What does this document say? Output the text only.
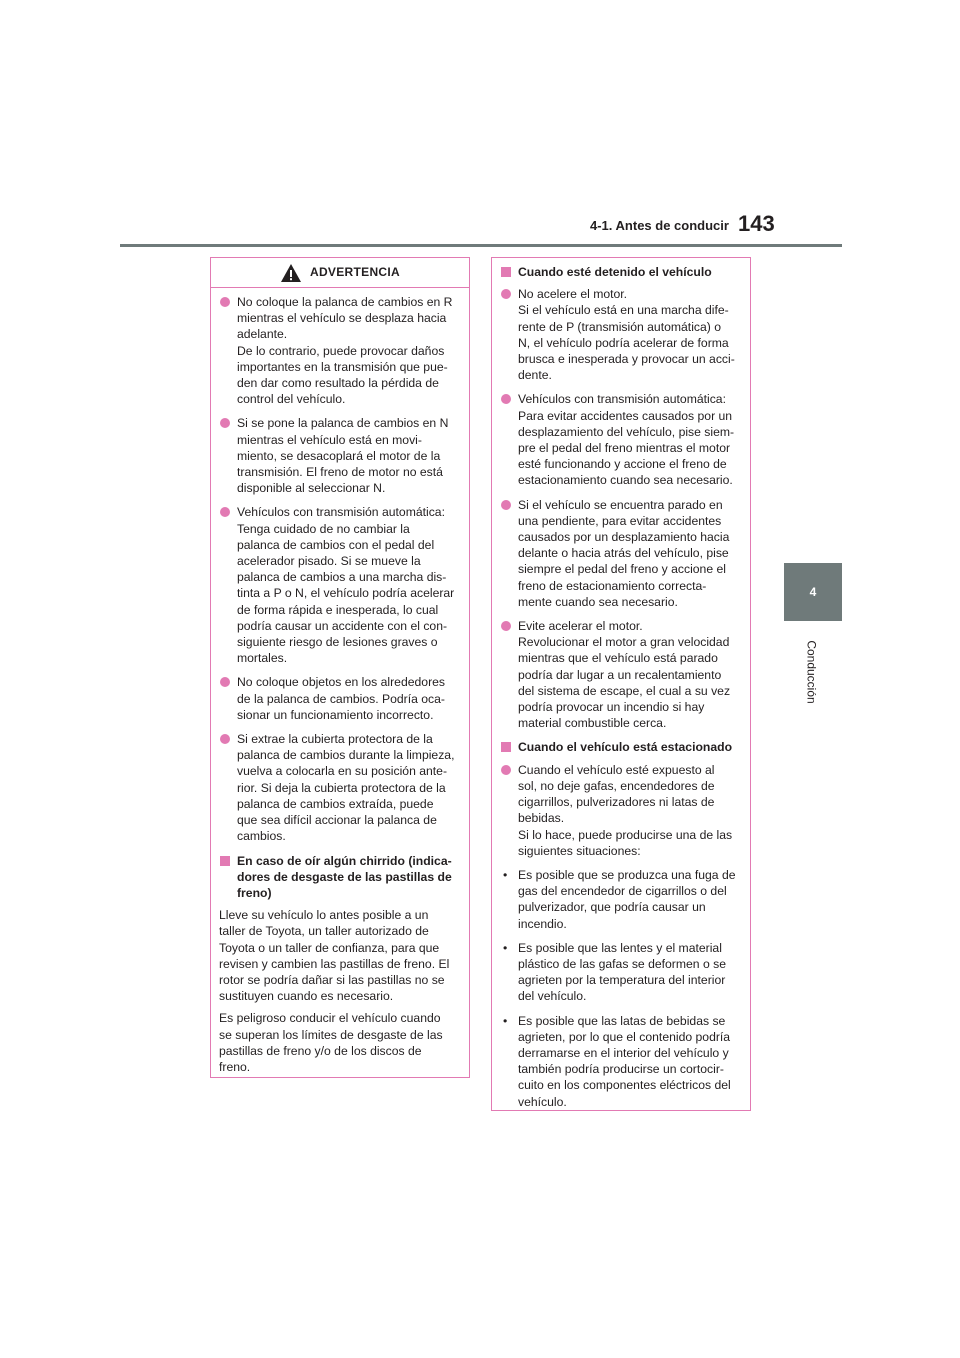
4-1. Antes de conducir 143
4
Conducción
ADVERTENCIA
No coloque la palanca de cambios en R
mientras el vehículo se desplaza hacia
adelante.
De lo contrario, puede provocar daños
importantes en la transmisión que pue-
den dar como resultado la pérdida de
control del vehículo.
Si se pone la palanca de cambios en N
mientras el vehículo está en movi-
miento, se desacoplará el motor de la
transmisión. El freno de motor no está
disponible al seleccionar N.
Vehículos con transmisión automática:
Tenga cuidado de no cambiar la
palanca de cambios con el pedal del
acelerador pisado. Si se mueve la
palanca de cambios a una marcha dis-
tinta a P o N, el vehículo podría acelerar
de forma rápida e inesperada, lo cual
podría causar un accidente con el con-
siguiente riesgo de lesiones graves o
mortales.
No coloque objetos en los alrededores
de la palanca de cambios. Podría oca-
sionar un funcionamiento incorrecto.
Si extrae la cubierta protectora de la
palanca de cambios durante la limpieza,
vuelva a colocarla en su posición ante-
rior. Si deja la cubierta protectora de la
palanca de cambios extraída, puede
que sea difícil accionar la palanca de
cambios.
En caso de oír algún chirrido (indica-
dores de desgaste de las pastillas de
freno)
Lleve su vehículo lo antes posible a un
taller de Toyota, un taller autorizado de
Toyota o un taller de confianza, para que
revisen y cambien las pastillas de freno. El
rotor se podría dañar si las pastillas no se
sustituyen cuando es necesario.
Es peligroso conducir el vehículo cuando
se superan los límites de desgaste de las
pastillas de freno y/o de los discos de
freno.
Cuando esté detenido el vehículo
No acelere el motor.
Si el vehículo está en una marcha dife-
rente de P (transmisión automática) o
N, el vehículo podría acelerar de forma
brusca e inesperada y provocar un acci-
dente.
Vehículos con transmisión automática:
Para evitar accidentes causados por un
desplazamiento del vehículo, pise siem-
pre el pedal del freno mientras el motor
esté funcionando y accione el freno de
estacionamiento cuando sea necesario.
Si el vehículo se encuentra parado en
una pendiente, para evitar accidentes
causados por un desplazamiento hacia
delante o hacia atrás del vehículo, pise
siempre el pedal del freno y accione el
freno de estacionamiento correcta-
mente cuando sea necesario.
Evite acelerar el motor.
Revolucionar el motor a gran velocidad
mientras que el vehículo está parado
podría dar lugar a un recalentamiento
del sistema de escape, el cual a su vez
podría provocar un incendio si hay
material combustible cerca.
Cuando el vehículo está estacionado
Cuando el vehículo esté expuesto al
sol, no deje gafas, encendedores de
cigarrillos, pulverizadores ni latas de
bebidas.
Si lo hace, puede producirse una de las
siguientes situaciones:
• Es posible que se produzca una fuga de
gas del encendedor de cigarrillos o del
pulverizador, que podría causar un
incendio.
• Es posible que las lentes y el material
plástico de las gafas se deformen o se
agrieten por la temperatura del interior
del vehículo.
• Es posible que las latas de bebidas se
agrieten, por lo que el contenido podría
derramarse en el interior del vehículo y
también podría producirse un cortocir-
cuito en los componentes eléctricos del
vehículo.
